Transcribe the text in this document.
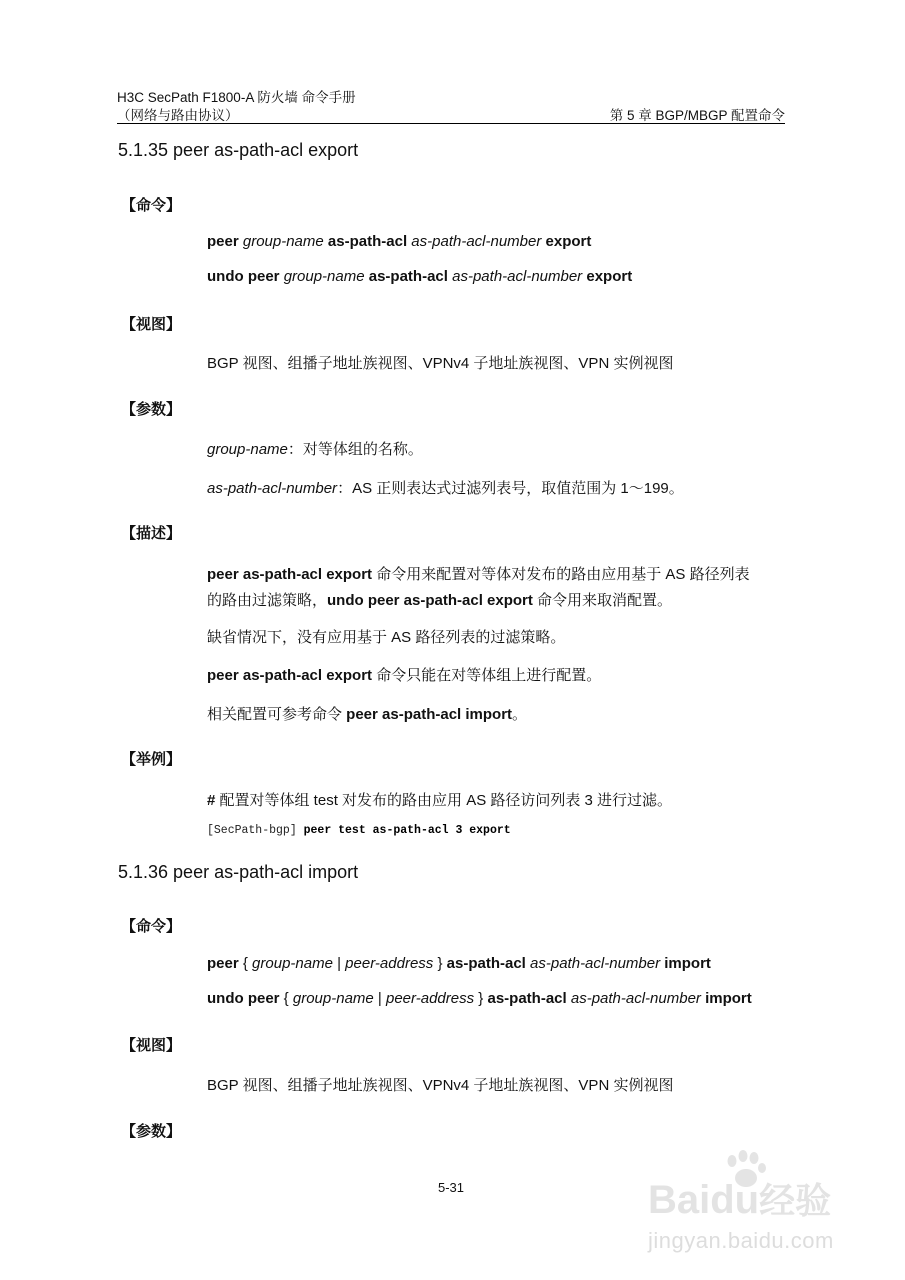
H3C SecPath F1800-A 防火墙 命令手册
（网络与路由协议）	第 5 章 BGP/MBGP 配置命令
5.1.35 peer as-path-acl export
【命令】
peer group-name as-path-acl as-path-acl-number export
undo peer group-name as-path-acl as-path-acl-number export
【视图】
BGP 视图、组播子地址族视图、VPNv4 子地址族视图、VPN 实例视图
【参数】
group-name：对等体组的名称。
as-path-acl-number：AS 正则表达式过滤列表号，取值范围为 1～199。
【描述】
peer as-path-acl export 命令用来配置对等体对发布的路由应用基于 AS 路径列表
的路由过滤策略，undo peer as-path-acl export 命令用来取消配置。
缺省情况下，没有应用基于 AS 路径列表的过滤策略。
peer as-path-acl export 命令只能在对等体组上进行配置。
相关配置可参考命令 peer as-path-acl import。
【举例】
# 配置对等体组 test 对发布的路由应用 AS 路径访问列表 3 进行过滤。
[SecPath-bgp] peer test as-path-acl 3 export
5.1.36 peer as-path-acl import
【命令】
peer { group-name | peer-address } as-path-acl as-path-acl-number import
undo peer { group-name | peer-address } as-path-acl as-path-acl-number import
【视图】
BGP 视图、组播子地址族视图、VPNv4 子地址族视图、VPN 实例视图
【参数】
5-31	Baidu经验
jingyan.baidu.com
